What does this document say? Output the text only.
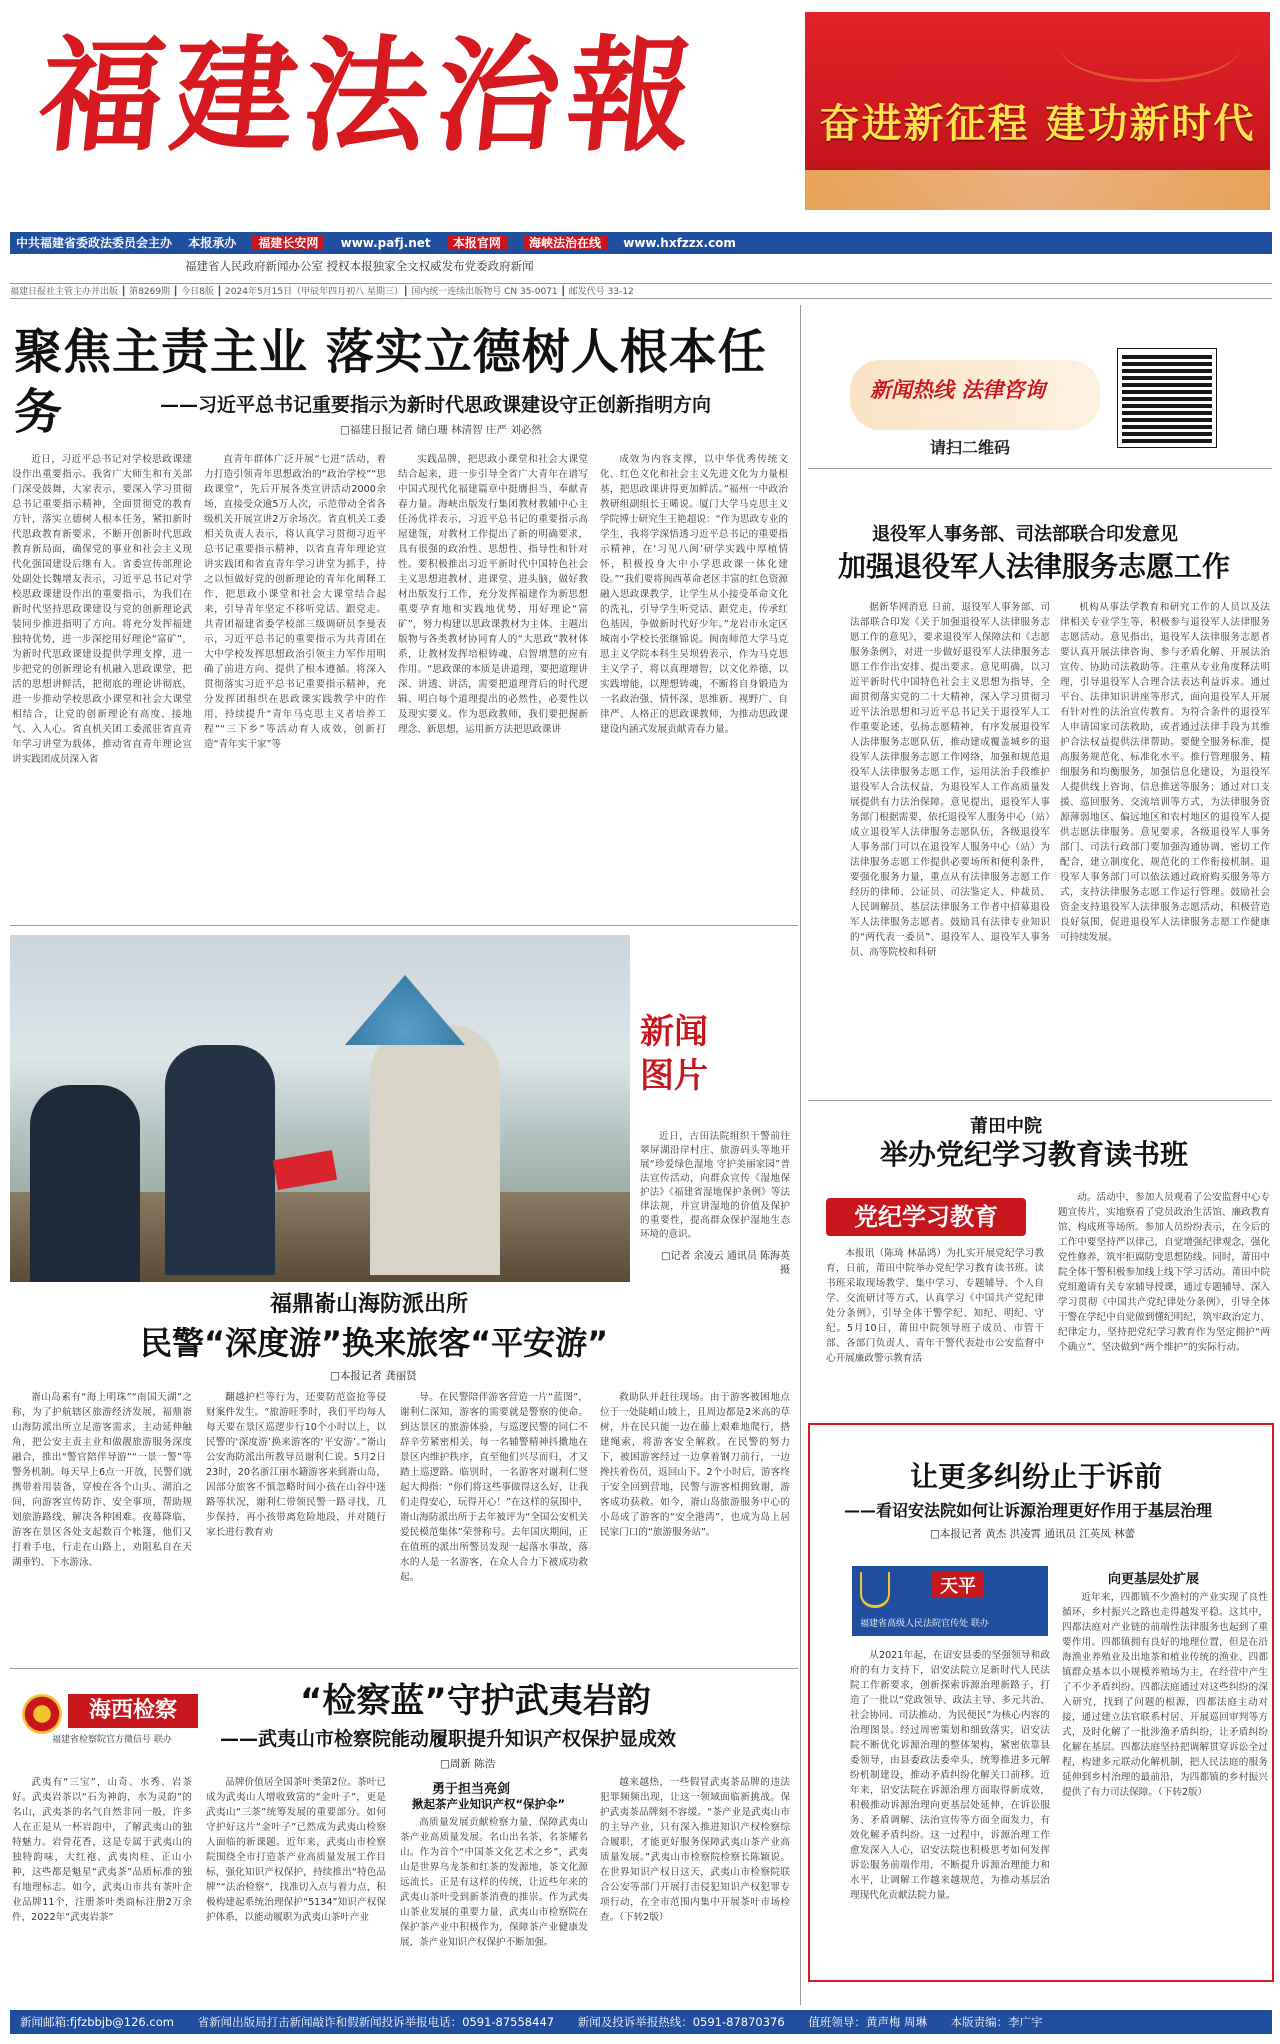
福建法治報	奋进新征程 建功新时代
中共福建省委政法委员会主办 本报承办 福建长安网 www.pafj.net 本报官网 海峡法治在线 www.hxfzzx.com
福建省人民政府新闻办公室 授权本报独家全文权威发布党委政府新闻
福建日报社主管主办并出版 ┃ 第8269期 ┃ 今日8版 ┃ 2024年5月15日（甲辰年四月初八 星期三）┃ 国内统一连续出版物号 CN 35-0071 ┃ 邮发代号 33-12
聚焦主责主业 落实立德树人根本任务	——习近平总书记重要指示为新时代思政课建设守正创新指明方向
□福建日报记者 储白珊 林清智 庄严 刘必然

近日，习近平总书记对学校思政课建设作出重要指示。我省广大师生和有关部门深受鼓舞，大家表示，要深入学习贯彻总书记重要指示精神，全面贯彻党的教育方针，落实立德树人根本任务，紧扣新时代思政教育新要求，不断开创新时代思政教育新局面，确保党的事业和社会主义现代化强国建设后继有人。省委宣传部理论处副处长魏增友表示，习近平总书记对学校思政课建设作出的重要指示，为我们在新时代坚持思政课建设与党的创新理论武装同步推进指明了方向。将充分发挥福建独特优势，进一步深挖用好理论“富矿”，为新时代思政课建设提供学理支撑，进一步把党的创新理论有机融入思政课堂，把活的思想讲鲜活，把彻底的理论讲彻底，进一步推动学校思政小课堂和社会大课堂相结合，让党的创新理论有高度、接地气、入人心。省直机关团工委派驻省直青年学习讲堂为载体，推动省直青年理论宣讲实践团成员深入省

直青年群体广泛开展“七进”活动，着力打造引领青年思想政治的“政治学校”“思政课堂”，先后开展各类宣讲活动2000余场，直接受众逾5万人次，示范带动全省各级机关开展宣讲2万余场次。省直机关工委相关负责人表示，将认真学习贯彻习近平总书记重要指示精神，以省直青年理论宣讲实践团和省直青年学习讲堂为抓手，持之以恒做好党的创新理论的青年化阐释工作，把思政小课堂和社会大课堂结合起来，引导青年坚定不移听党话、跟党走。共青团福建省委学校部三级调研员李曼表示，习近平总书记的重要指示为共青团在大中学校发挥思想政治引领主力军作用明确了前进方向、提供了根本遵循。将深入贯彻落实习近平总书记重要指示精神，充分发挥团组织在思政课实践教学中的作用，持续提升“青年马克思主义者培养工程”“三下乡”等活动育人成效，创新打造“青年实干家”等

实践品牌，把思政小课堂和社会大课堂结合起来，进一步引导全省广大青年在谱写中国式现代化福建篇章中挺膺担当、奉献青春力量。海峡出版发行集团教材教辅中心主任汤优祥表示，习近平总书记的重要指示高屋建瓴，对教材工作提出了新的明确要求，具有很强的政治性、思想性、指导性和针对性。要积极推出习近平新时代中国特色社会主义思想进教材、进课堂、进头脑，做好教材出版发行工作，充分发挥福建作为新思想重要孕育地和实践地优势，用好理论“富矿”，努力构建以思政课教材为主体、主题出版物与各类教材协同育人的“大思政”教材体系，让教材发挥培根铸魂、启智增慧的应有作用。“思政课的本质是讲道理，要把道理讲深、讲透、讲活，需要把道理背后的时代逻辑、明白每个道理提出的必然性，必要性以及现实要义。作为思政教师，我们要把握新理念、新思想，运用新方法把思政课讲

成效为内容支撑，以中华优秀传统文化、红色文化和社会主义先进文化为力量根基，把思政课讲得更加鲜活。”福州一中政治教研组副组长王晞说。厦门大学马克思主义学院博士研究生王艳超说：“作为思政专业的学生，我将学深悟透习近平总书记的重要指示精神，在‘习见八闽’研学实践中厚植情怀，积极投身大中小学思政课一体化建设。”“我们要将闽西革命老区丰富的红色资源融入思政课教学，让学生从小接受革命文化的洗礼，引导学生听党话、跟党走，传承红色基因，争做新时代好少年。”龙岩市永定区城南小学校长张继锦说。闽南师范大学马克思主义学院本科生吴坝碧表示，作为马克思主义学子，将以真理增智，以文化养德，以实践增能，以理想铸魂，不断将自身锻造为一名政治强、情怀深、思维新、视野广、自律严、人格正的思政课教师，为推动思政课建设内涵式发展贡献青春力量。

新闻图片

近日，古田法院组织干警前往翠屏湖沿岸村庄、旅游码头等地开展“珍爱绿色湿地 守护美丽家园”普法宣传活动，向群众宣传《湿地保护法》《福建省湿地保护条例》等法律法规，并宣讲湿地的价值及保护的重要性，提高群众保护湿地生态环境的意识。

□记者 余凌云 通讯员 陈海英 摄
福鼎嵛山海防派出所
民警“深度游”换来旅客“平安游”
□本报记者 龚丽贤

嵛山岛素有“海上明珠”“南国天湖”之称，为了护航辖区旅游经济发展，福鼎嵛山海防派出所立足游客需求，主动延伸触角，把公安主责主业和做靓旅游服务深度融合，推出“警官陪伴导游”“一景一警”等警务机制。每天早上6点一开放，民警们就携带着用装备，穿梭在各个山头、湖泊之间，向游客宣传防诈、安全事项，帮助规划旅游路线、解决各种困难。夜幕降临，游客在景区各处支起数百个帐篷，他们又打着手电，行走在山路上，劝阻私自在天湖垂钓、下水游泳、

翻越护栏等行为，还要防范盗抢等侵财案件发生。“旅游旺季时，我们平均每人每天要在景区巡逻步行10个小时以上，以民警的‘深度游’换来游客的‘平安游’。”嵛山公安海防派出所教导员谢利仁说。5月2日23时，20名浙江丽水籍游客来到嵛山岛，因部分旅客不慎忽略时间小孩在山谷中迷路等状况，谢利仁带领民警一路寻找，几步保持，再小孩带离危险地段，并对随行家长进行教育劝

导。在民警陪伴游客营造一片“蓝图”，谢利仁深知，游客的需要就是警察的使命。到达景区的旅游体验，与巡逻民警的同仁不辞辛劳紧密相关，每一名辅警精神抖擞地在景区内维护秩序，直至他们兴尽而归，才又踏上巡逻路。临别时，一名游客对谢利仁竖起大拇指：“你们将这些事做得这么好，让我们走得安心，玩得开心！”在这样的氛围中，嵛山海防派出所于去年被评为“全国公安机关爱民模范集体”荣誉称号。去年国庆期间，正在值班的派出所警员发现一起落水事故，落水的人是一名游客，在众人合力下被成功救起。

救助队并赶往现场。由于游客被困地点位于一处陡峭山坡上，且周边都是2米高的草树，并在民只能一边在藤上艰难地爬行，搭建绳索，将游客安全解救。在民警的努力下，被困游客经过一边拿着钢刀前行，一边搀扶着伤员，返回山下。2个小时后，游客终于安全回到营地，民警与游客相拥致谢，游客成功获救。如今，嵛山岛旅游服务中心的小岛成了游客的“安全港湾”，也成为岛上居民家门口的“旅游服务站”。

海西检察
福建省检察院官方微信号 联办
“检察蓝”守护武夷岩韵
——武夷山市检察院能动履职提升知识产权保护显成效
□周新 陈浩

武夷有“三宝”，山奇、水秀、岩茶好。武夷岩茶以“石为神韵，水为灵韵”的名山，武夷茶的名气自然非同一般，许多人在正是从一杯岩韵中，了解武夷山的独特魅力。岩骨花香，这是专属于武夷山的独特韵味，大红袍、武夷肉桂、正山小种，这些都是魁星“武夷茶”品质标准的独有地理标志。如今，武夷山市共有茶叶企业品牌11个，注册茶叶类商标注册2万余件，2022年“武夷岩茶”

品牌价值居全国茶叶类第2位。茶叶已成为武夷山人增收致富的“金叶子”，更是武夷山“三茶”统筹发展的重要部分。如何守护好这片“金叶子”已然成为武夷山检察人面临的新课题。近年来，武夷山市检察院围绕全市打造茶产业高质量发展工作目标，强化知识产权保护，持续推出“特色品牌”“法治检察”，找准切入点与着力点，积极构建起系统治理保护“5134”知识产权保护体系，以能动履职为武夷山茶叶产业

勇于担当亮剑
揪起茶产业知识产权“保护伞”

高质量发展贡献检察力量，保障武夷山茶产业高质量发展。名山出名茶，名茶耀名山。作为首个“中国茶文化艺术之乡”，武夷山是世界乌龙茶和红茶的发源地，茶文化源远流长。正是有这样的传统，让近些年来的武夷山茶叶受到新茶消费的推崇。作为武夷山茶业发展的重要力量，武夷山市检察院在保护茶产业中积极作为，保障茶产业健康发展，茶产业知识产权保护不断加强。

越来越热，一些假冒武夷茶品牌的违法犯罪频频出现，让这一领域面临新挑战。保护武夷茶品牌刻不容缓。“茶产业是武夷山市的主导产业，只有深入推进知识产权检察综合履职，才能更好服务保障武夷山茶产业高质量发展。”武夷山市检察院检察长陈颖说。在世界知识产权日这天，武夷山市检察院联合公安等部门开展打击侵犯知识产权犯罪专项行动，在全市范围内集中开展茶叶市场检查。（下转2版）

新闻热线 法律咨询
请扫二维码
退役军人事务部、司法部联合印发意见
加强退役军人法律服务志愿工作

据新华网消息 日前，退役军人事务部、司法部联合印发《关于加强退役军人法律服务志愿工作的意见》，要求退役军人保障法和《志愿服务条例》，对进一步做好退役军人法律服务志愿工作作出安排、提出要求。意见明确，以习近平新时代中国特色社会主义思想为指导，全面贯彻落实党的二十大精神，深入学习贯彻习近平法治思想和习近平总书记关于退役军人工作重要论述，弘扬志愿精神，有序发展退役军人法律服务志愿队伍，推动建成覆盖城乡的退役军人法律服务志愿工作网络，加强和规范退役军人法律服务志愿工作，运用法治手段维护退役军人合法权益，为退役军人工作高质量发展提供有力法治保障。意见提出，退役军人事务部门根据需要，依托退役军人服务中心（站）成立退役军人法律服务志愿队伍，各级退役军人事务部门可以在退役军人服务中心（站）为法律服务志愿工作提供必要场所和便利条件，要强化服务力量，重点从有法律服务志愿工作经历的律师、公证员、司法鉴定人、仲裁员、人民调解员、基层法律服务工作者中招募退役军人法律服务志愿者。鼓励具有法律专业知识的“两代表一委员”、退役军人、退役军人事务员、高等院校和科研

机构从事法学教育和研究工作的人员以及法律相关专业学生等，积极参与退役军人法律服务志愿活动。意见指出，退役军人法律服务志愿者要认真开展法律咨询、参与矛盾化解、开展法治宣传、协助司法救助等。注重从专业角度释法明理，引导退役军人合理合法表达利益诉求。通过平台、法律知识讲座等形式，面向退役军人开展有针对性的法治宣传教育。为符合条件的退役军人申请国家司法救助，或者通过法律手段为其维护合法权益提供法律帮助。要健全服务标准，提高服务规范化、标准化水平。推行管理服务、精细服务和均衡服务，加强信息化建设，为退役军人提供线上咨询、信息推送等服务；通过对口支援、巡回服务、交流培训等方式，为法律服务资源薄弱地区、偏远地区和农村地区的退役军人提供志愿法律服务。意见要求，各级退役军人事务部门、司法行政部门要加强沟通协调、密切工作配合，建立制度化、规范化的工作衔接机制。退役军人事务部门可以依法通过政府购买服务等方式，支持法律服务志愿工作运行管理。鼓励社会资金支持退役军人法律服务志愿活动，积极营造良好氛围，促进退役军人法律服务志愿工作健康可持续发展。

莆田中院
举办党纪学习教育读书班
党纪学习教育

本报讯（陈琦 林晶鸿）为扎实开展党纪学习教育，日前，莆田中院举办党纪学习教育读书班。读书班采取现场教学、集中学习、专题辅导、个人自学、交流研讨等方式，认真学习《中国共产党纪律处分条例》，引导全体干警学纪、知纪、明纪、守纪。5月10日，莆田中院领导班子成员、市管干部、各部门负责人、青年干警代表赴市公安监督中心开展廉政警示教育活

动。活动中，参加人员观看了公安监督中心专题宣传片，实地察看了党员政治生活馆、廉政教育馆、构成班等场所。参加人员纷纷表示，在今后的工作中要坚持严以律己，自觉增强纪律观念，强化党性修养，筑牢拒腐防变思想防线。同时，莆田中院全体干警积极参加线上线下学习活动。莆田中院党组邀请有关专家辅导授课，通过专题辅导、深入学习贯彻《中国共产党纪律处分条例》，引导全体干警在学纪中自觉做到懂纪明纪，筑牢政治定力、纪律定力，坚持把党纪学习教育作为坚定拥护“两个确立”、坚决做到“两个维护”的实际行动。

让更多纠纷止于诉前
——看诏安法院如何让诉源治理更好作用于基层治理
□本报记者 黄杰 洪凌霄 通讯员 江英凤 林蕾
天平
福建省高级人民法院官传处 联办

从2021年起，在诏安县委的坚强领导和政府的有力支持下，诏安法院立足新时代人民法院工作新要求，创新探索诉源治理新路子，打造了一批以“党政领导、政法主导、多元共治、社会协同、司法推动、为民便民”为核心内容的治理图景。经过周密策划和细致落实，诏安法院不断优化诉源治理的整体架构，紧密依靠县委领导，由县委政法委牵头，统筹推进多元解纷机制建设，推动矛盾纠纷化解关口前移。近年来，诏安法院在诉源治理方面取得新成效，积极推动诉源治理向更基层处延伸，在诉讼服务、矛盾调解、法治宣传等方面全面发力，有效化解矛盾纠纷。这一过程中，诉源治理工作愈发深入人心，诏安法院也积极思考如何发挥诉讼服务前端作用，不断提升诉源治理能力和水平，让调解工作越来越规范，为推动基层治理现代化贡献法院力量。

向更基层处扩展

近年来，四都镇不少渔村的产业实现了良性循环，乡村振兴之路也走得越发平稳。这其中，四都法庭对产业链的前端性法律服务也起到了重要作用。四都镇拥有良好的地理位置，但是在沿海渔业养殖业及出地茶和植业传统的渔业、四都镇群众基本以小规模养殖场为主，在经营中产生了不少矛盾纠纷。四都法庭通过对这些纠纷的深入研究，找到了问题的根源，四都法庭主动对接，通过建立法官联系村居、开展巡回审判等方式，及时化解了一批涉渔矛盾纠纷，让矛盾纠纷化解在基层。四都法庭坚持把调解贯穿诉讼全过程，构建多元联动化解机制，把人民法庭的服务延伸到乡村治理的最前沿，为四都镇的乡村振兴提供了有力司法保障。（下转2版）

新闻邮箱:fjfzbbjb@126.com 省新闻出版局打击新闻敲诈和假新闻投诉举报电话：0591-87558447 新闻及投诉举报热线：0591-87870376 值班领导：黄声梅 周琳 本版责编：李广宇
